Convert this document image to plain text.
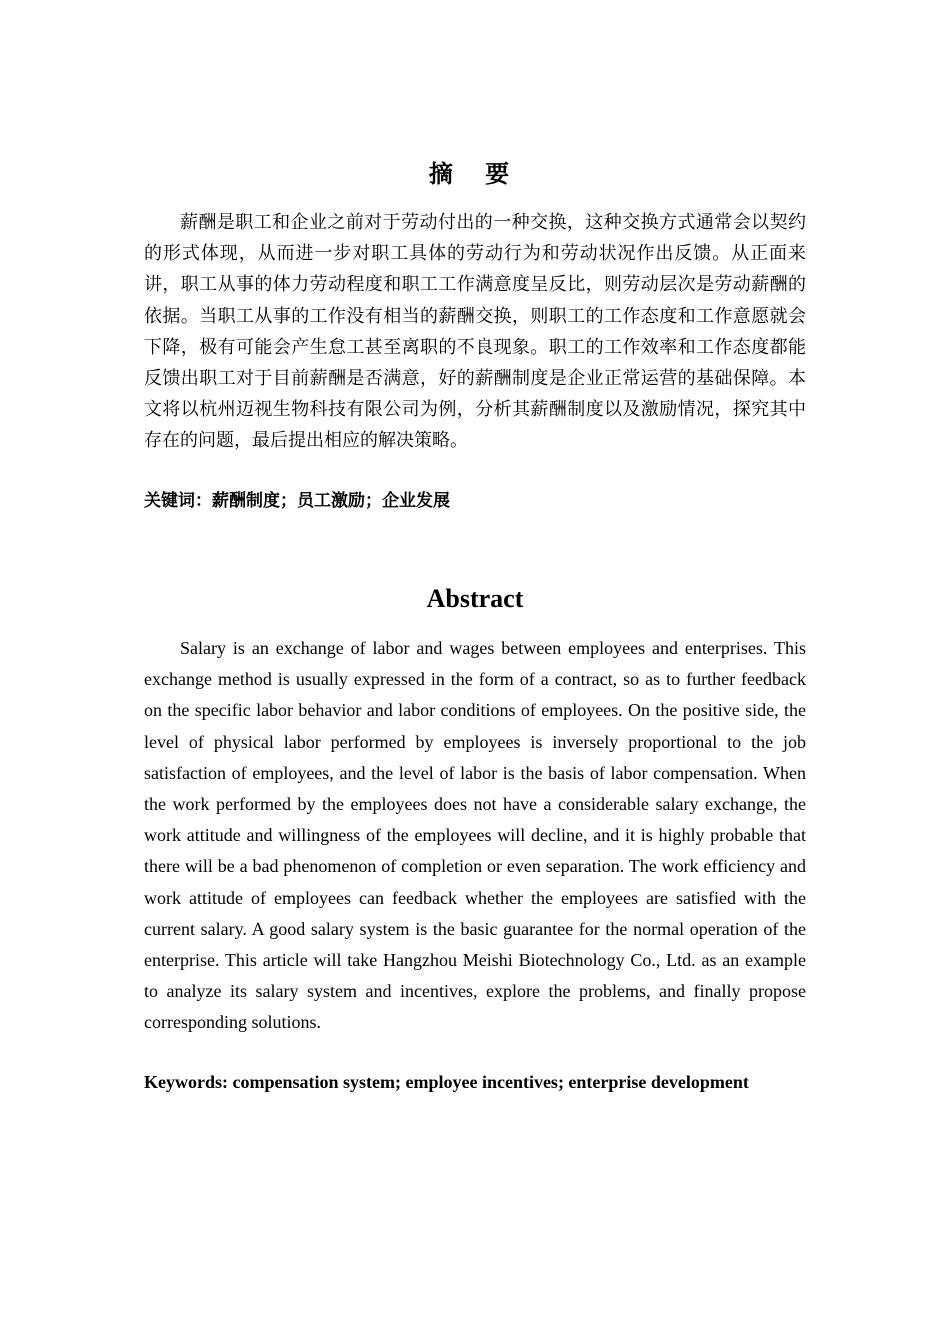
摘 要

薪酬是职工和企业之前对于劳动付出的一种交换，这种交换方式通常会以契约的形式体现，从而进一步对职工具体的劳动行为和劳动状况作出反馈。从正面来讲，职工从事的体力劳动程度和职工工作满意度呈反比，则劳动层次是劳动薪酬的依据。当职工从事的工作没有相当的薪酬交换，则职工的工作态度和工作意愿就会下降，极有可能会产生怠工甚至离职的不良现象。职工的工作效率和工作态度都能反馈出职工对于目前薪酬是否满意，好的薪酬制度是企业正常运营的基础保障。本文将以杭州迈视生物科技有限公司为例，分析其薪酬制度以及激励情况，探究其中存在的问题，最后提出相应的解决策略。

关键词：薪酬制度；员工激励；企业发展
Abstract

Salary is an exchange of labor and wages between employees and enterprises. This exchange method is usually expressed in the form of a contract, so as to further feedback on the specific labor behavior and labor conditions of employees. On the positive side, the level of physical labor performed by employees is inversely proportional to the job satisfaction of employees, and the level of labor is the basis of labor compensation. When the work performed by the employees does not have a considerable salary exchange, the work attitude and willingness of the employees will decline, and it is highly probable that there will be a bad phenomenon of completion or even separation. The work efficiency and work attitude of employees can feedback whether the employees are satisfied with the current salary. A good salary system is the basic guarantee for the normal operation of the enterprise. This article will take Hangzhou Meishi Biotechnology Co., Ltd. as an example to analyze its salary system and incentives, explore the problems, and finally propose corresponding solutions.

Keywords: compensation system; employee incentives; enterprise development
